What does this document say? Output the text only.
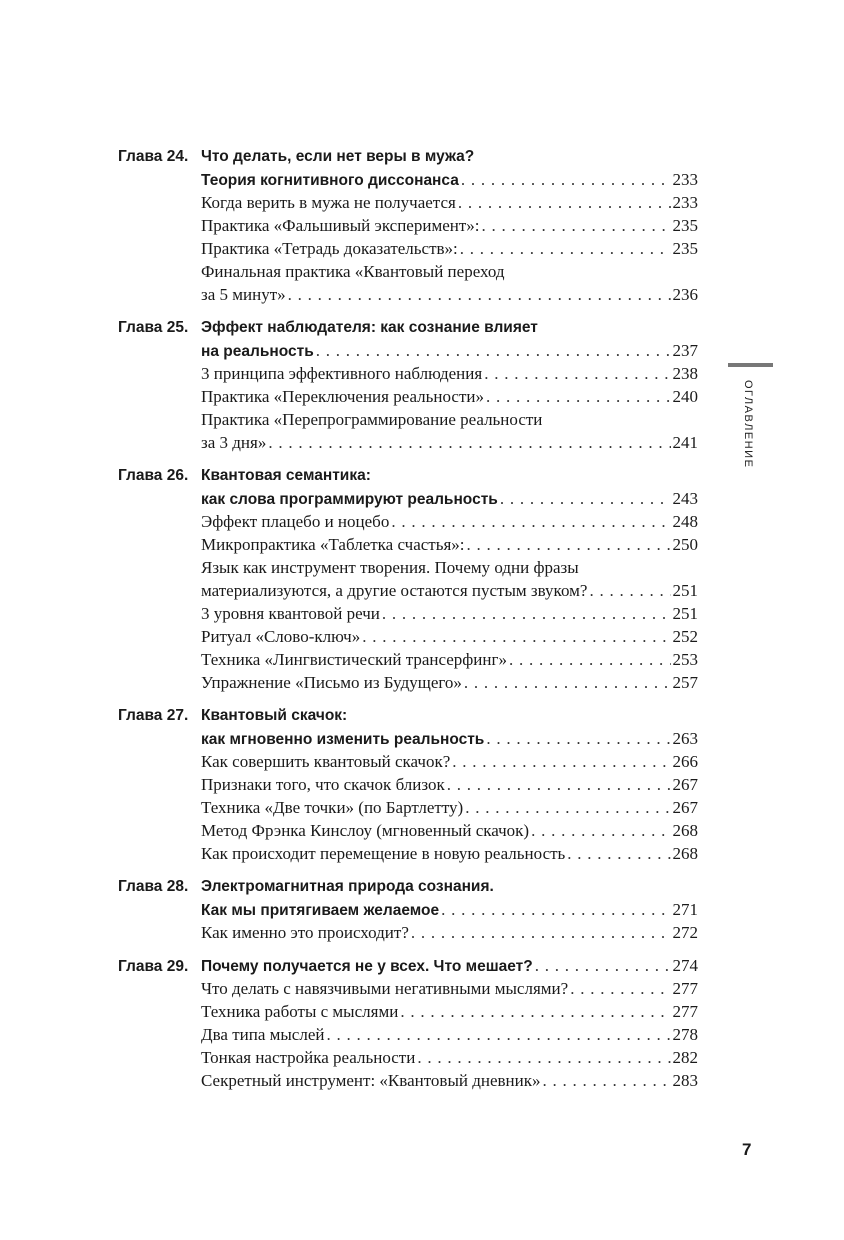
Глава 24. Что делать, если нет веры в мужа?
Теория когнитивного диссонанса . . .	233
Когда верить в мужа не получается . . .	233
Практика «Фальшивый эксперимент»: . . .	235
Практика «Тетрадь доказательств»: . . .	235
Финальная практика «Квантовый переход
за 5 минут» . . .	236
Глава 25. Эффект наблюдателя: как сознание влияет
на реальность . . .	237
3 принципа эффективного наблюдения . . .	238
Практика «Переключения реальности» . . .	240
Практика «Перепрограммирование реальности
за 3 дня» . . .	241
Глава 26. Квантовая семантика:
как слова программируют реальность . . .	243
Эффект плацебо и ноцебо . . .	248
Микропрактика «Таблетка счастья»: . . .	250
Язык как инструмент творения. Почему одни фразы
материализуются, а другие остаются пустым звуком? . . .	251
3 уровня квантовой речи . . .	251
Ритуал «Слово-ключ» . . .	252
Техника «Лингвистический трансерфинг» . . .	253
Упражнение «Письмо из Будущего» . . .	257
Глава 27. Квантовый скачок:
как мгновенно изменить реальность . . .	263
Как совершить квантовый скачок? . . .	266
Признаки того, что скачок близок . . .	267
Техника «Две точки» (по Бартлетту) . . .	267
Метод Фрэнка Кинслоу (мгновенный скачок) . . .	268
Как происходит перемещение в новую реальность . . .	268
Глава 28. Электромагнитная природа сознания.
Как мы притягиваем желаемое . . .	271
Как именно это происходит? . . .	272
Глава 29. Почему получается не у всех. Что мешает? . . .	274
Что делать с навязчивыми негативными мыслями? . . .	277
Техника работы с мыслями . . .	277
Два типа мыслей . . .	278
Тонкая настройка реальности . . .	282
Секретный инструмент: «Квантовый дневник» . . .	283
ОГЛАВЛЕНИЕ
7
